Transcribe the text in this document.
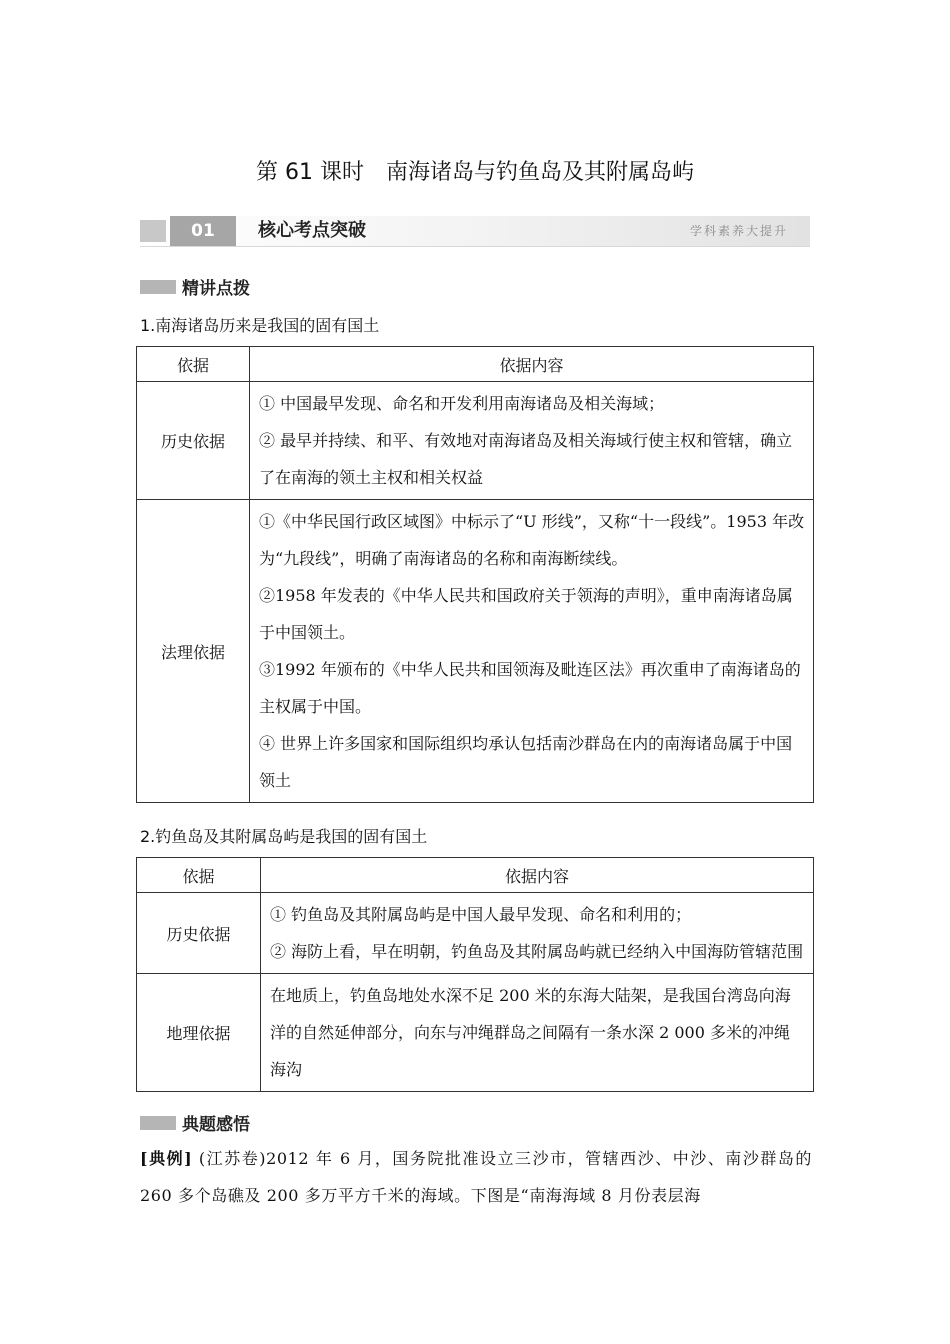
第 61 课时　南海诸岛与钓鱼岛及其附属岛屿
01	核心考点突破	学科素养大提升
精讲点拨
1.南海诸岛历来是我国的固有国土
依据	依据内容
历史依据	① 中国最早发现、命名和开发利用南海诸岛及相关海域；
② 最早并持续、和平、有效地对南海诸岛及相关海域行使主权和管辖，确立了在南海的领土主权和相关权益

法理依据	①《中华民国行政区域图》中标示了“U 形线”，又称“十一段线”。1953 年改为“九段线”，明确了南海诸岛的名称和南海断续线。
②1958 年发表的《中华人民共和国政府关于领海的声明》，重申南海诸岛属于中国领土。
③1992 年颁布的《中华人民共和国领海及毗连区法》再次重申了南海诸岛的主权属于中国。
④ 世界上许多国家和国际组织均承认包括南沙群岛在内的南海诸岛属于中国领土
2.钓鱼岛及其附属岛屿是我国的固有国土
依据	依据内容
历史依据	① 钓鱼岛及其附属岛屿是中国人最早发现、命名和利用的；
② 海防上看，早在明朝，钓鱼岛及其附属岛屿就已经纳入中国海防管辖范围

地理依据	在地质上，钓鱼岛地处水深不足 200 米的东海大陆架，是我国台湾岛向海洋的自然延伸部分，向东与冲绳群岛之间隔有一条水深 2 000 多米的冲绳海沟
典题感悟
[典例] (江苏卷)2012 年 6 月，国务院批准设立三沙市，管辖西沙、中沙、南沙群岛的 260 多个岛礁及 200 多万平方千米的海域。下图是“南海海域 8 月份表层海
